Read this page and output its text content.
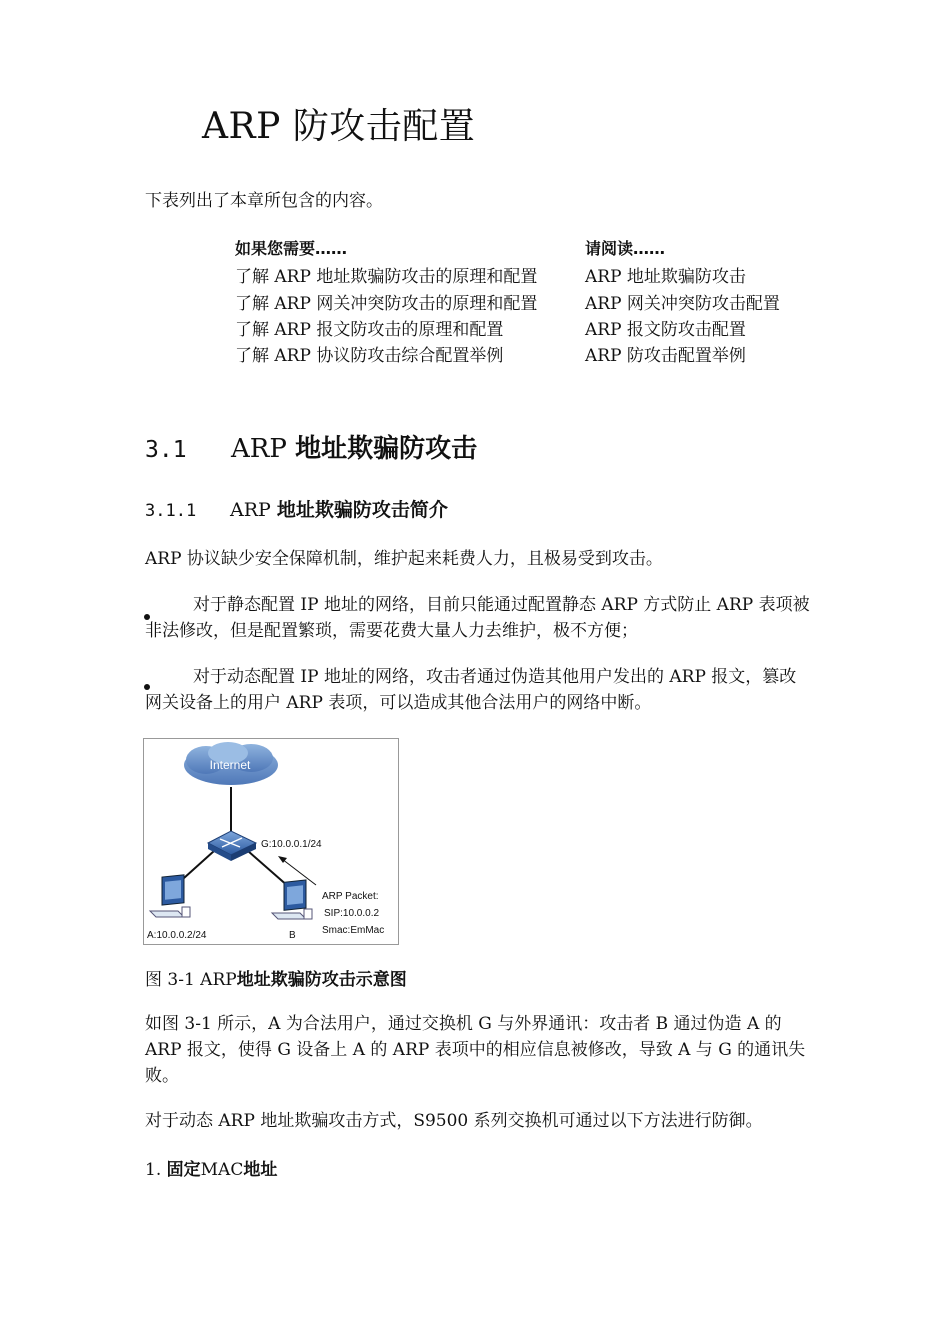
ARP 防攻击配置
下表列出了本章所包含的内容。
如果您需要……	请阅读……
了解 ARP 地址欺骗防攻击的原理和配置	ARP 地址欺骗防攻击
了解 ARP 网关冲突防攻击的原理和配置	ARP 网关冲突防攻击配置
了解 ARP 报文防攻击的原理和配置	ARP 报文防攻击配置
了解 ARP 协议防攻击综合配置举例	ARP 防攻击配置举例
3.1 ARP 地址欺骗防攻击
3.1.1 ARP 地址欺骗防攻击简介
ARP 协议缺少安全保障机制，维护起来耗费人力，且极易受到攻击。
对于静态配置 IP 地址的网络，目前只能通过配置静态 ARP 方式防止 ARP 表项被非法修改，但是配置繁琐，需要花费大量人力去维护，极不方便；
对于动态配置 IP 地址的网络，攻击者通过伪造其他用户发出的 ARP 报文，篡改网关设备上的用户 ARP 表项，可以造成其他合法用户的网络中断。
Internet
G:10.0.0.1/24
A:10.0.0.2/24	B
ARP Packet:
SIP:10.0.0.2
Smac:EmMac
图 3-1 ARP地址欺骗防攻击示意图
如图 3-1 所示，A 为合法用户，通过交换机 G 与外界通讯：攻击者 B 通过伪造 A 的 ARP 报文，使得 G 设备上 A 的 ARP 表项中的相应信息被修改，导致 A 与 G 的通讯失败。
对于动态 ARP 地址欺骗攻击方式，S9500 系列交换机可通过以下方法进行防御。
1. 固定MAC地址
